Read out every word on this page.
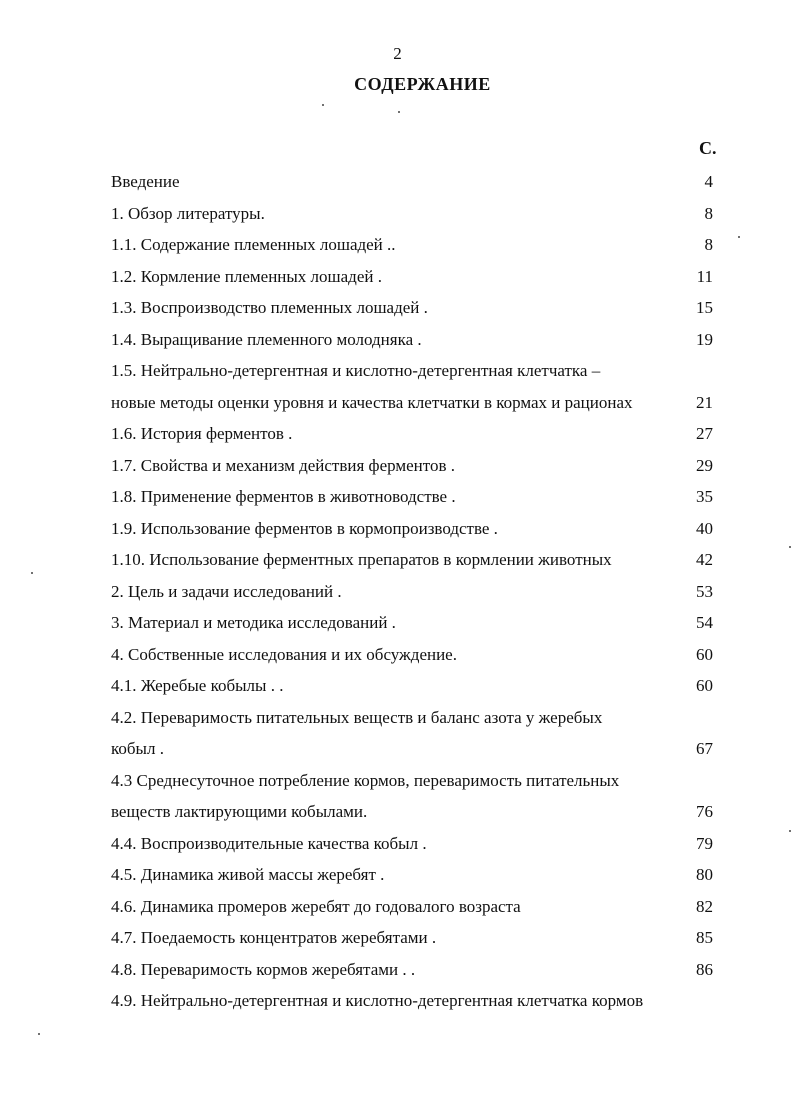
2
СОДЕРЖАНИЕ
С.
Введение	4
1. Обзор литературы.	8
1.1. Содержание племенных лошадей ..	8
1.2. Кормление племенных лошадей .	11
1.3. Воспроизводство племенных лошадей .	15
1.4. Выращивание племенного молодняка .	19
1.5. Нейтрально-детергентная и кислотно-детергентная клетчатка –
новые методы оценки уровня и качества клетчатки в кормах и рационах	21
1.6. История ферментов .	27
1.7. Свойства и механизм действия ферментов .	29
1.8. Применение ферментов в животноводстве .	35
1.9. Использование ферментов в кормопроизводстве .	40
1.10. Использование ферментных препаратов в кормлении животных	42
2. Цель и задачи исследований .	53
3. Материал и методика исследований .	54
4. Собственные исследования и их обсуждение.	60
4.1. Жеребые кобылы . .	60
4.2. Переваримость питательных веществ и баланс азота у жеребых
кобыл .	67
4.3 Среднесуточное потребление кормов, переваримость питательных
веществ лактирующими кобылами.	76
4.4. Воспроизводительные качества кобыл .	79
4.5. Динамика живой массы жеребят .	80
4.6. Динамика промеров жеребят до годовалого возраста	82
4.7. Поедаемость концентратов жеребятами .	85
4.8. Переваримость кормов жеребятами . .	86
4.9. Нейтрально-детергентная и кислотно-детергентная клетчатка кормов
